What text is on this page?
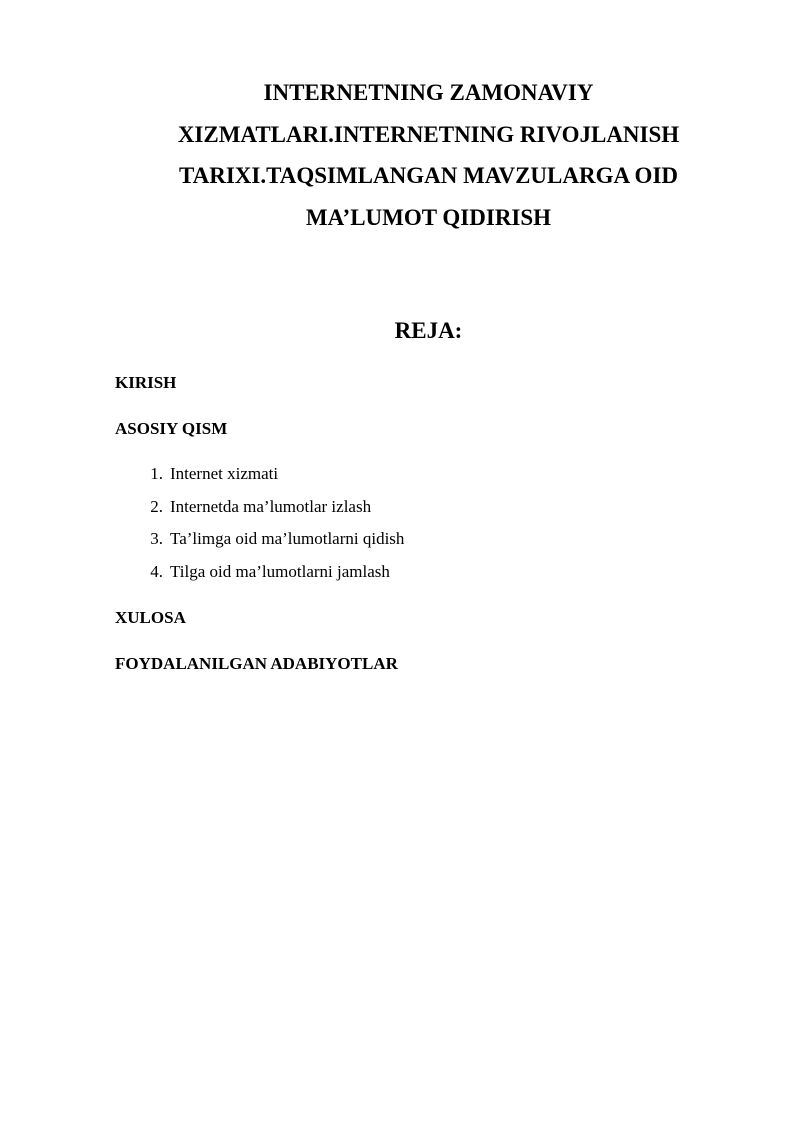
INTERNETNING ZAMONAVIY
XIZMATLARI.INTERNETNING RIVOJLANISH
TARIXI.TAQSIMLANGAN MAVZULARGA OID
MA’LUMOT QIDIRISH
REJA:

KIRISH

ASOSIY QISM

1. Internet xizmati
2. Internetda ma’lumotlar izlash
3. Ta’limga oid ma’lumotlarni qidish
4. Tilga oid ma’lumotlarni jamlash

XULOSA

FOYDALANILGAN ADABIYOTLAR
